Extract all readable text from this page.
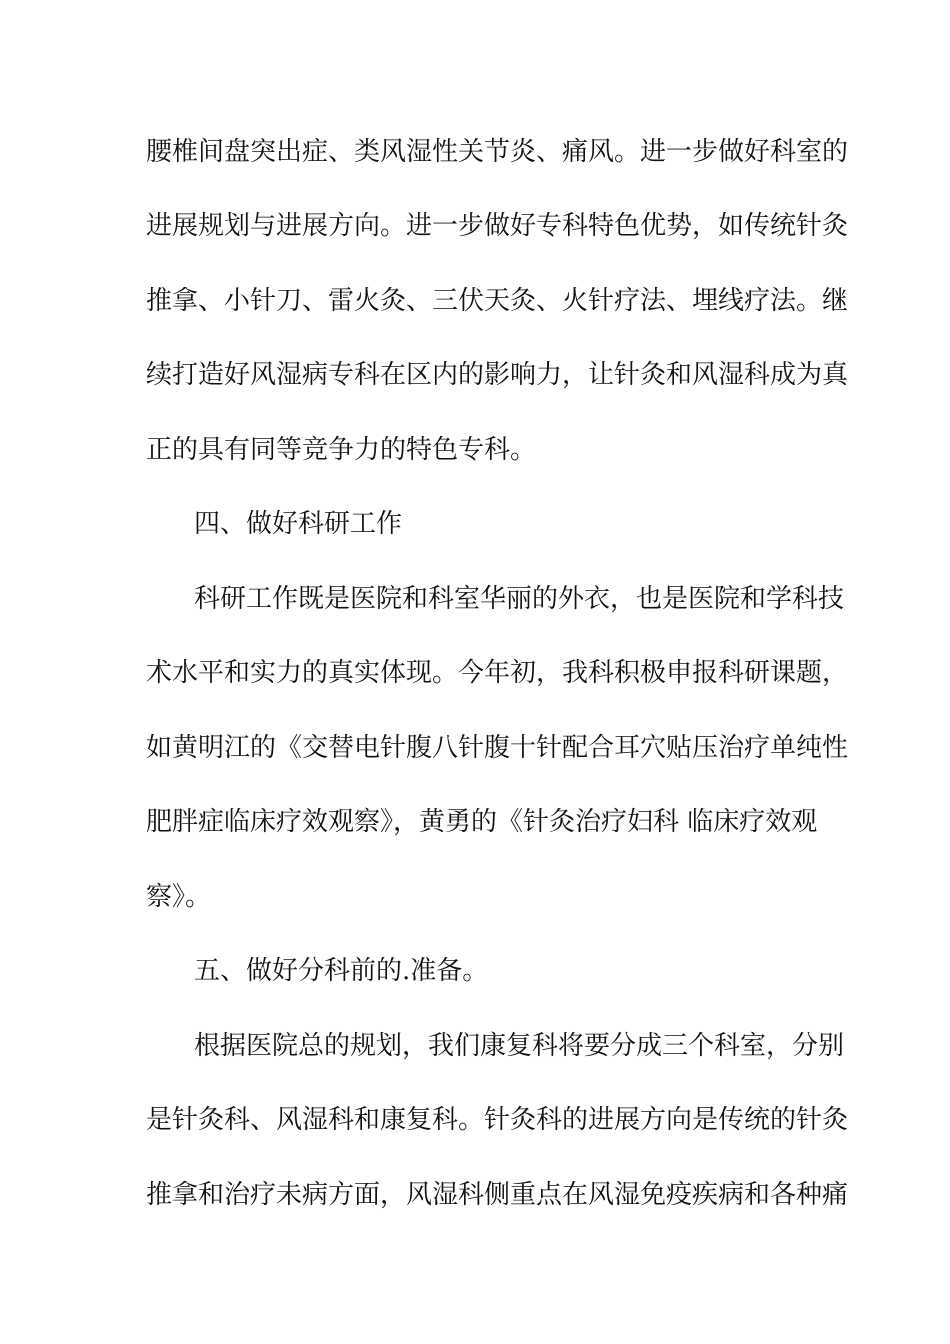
腰椎间盘突出症、类风湿性关节炎、痛风。进一步做好科室的
进展规划与进展方向。进一步做好专科特色优势，如传统针灸
推拿、小针刀、雷火灸、三伏天灸、火针疗法、埋线疗法。继
续打造好风湿病专科在区内的影响力，让针灸和风湿科成为真
正的具有同等竞争力的特色专科。
四、做好科研工作
科研工作既是医院和科室华丽的外衣，也是医院和学科技
术水平和实力的真实体现。今年初，我科积极申报科研课题，
如黄明江的《交替电针腹八针腹十针配合耳穴贴压治疗单纯性
肥胖症临床疗效观察》，黄勇的《针灸治疗妇科 临床疗效观
察》。
五、做好分科前的.准备。
根据医院总的规划，我们康复科将要分成三个科室，分别
是针灸科、风湿科和康复科。针灸科的进展方向是传统的针灸
推拿和治疗未病方面，风湿科侧重点在风湿免疫疾病和各种痛
